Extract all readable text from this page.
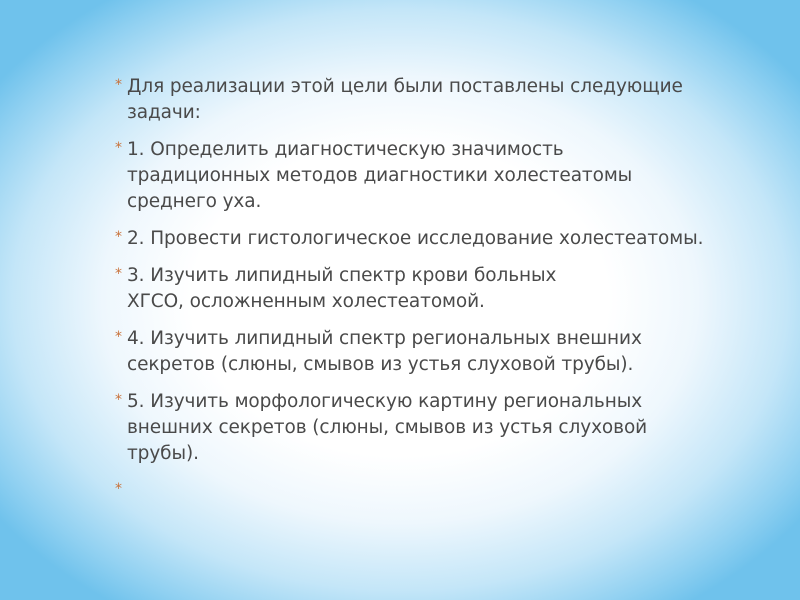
* Для реализации этой цели были поставлены следующие
задачи:
* 1. Определить диагностическую значимость
традиционных методов диагностики холестеатомы
среднего уха.
* 2. Провести гистологическое исследование холестеатомы.
* 3. Изучить липидный спектр крови больных
ХГСО, осложненным холестеатомой.
* 4. Изучить липидный спектр региональных внешних
секретов (слюны, смывов из устья слуховой трубы).
* 5. Изучить морфологическую картину региональных
внешних секретов (слюны, смывов из устья слуховой
трубы).
*
